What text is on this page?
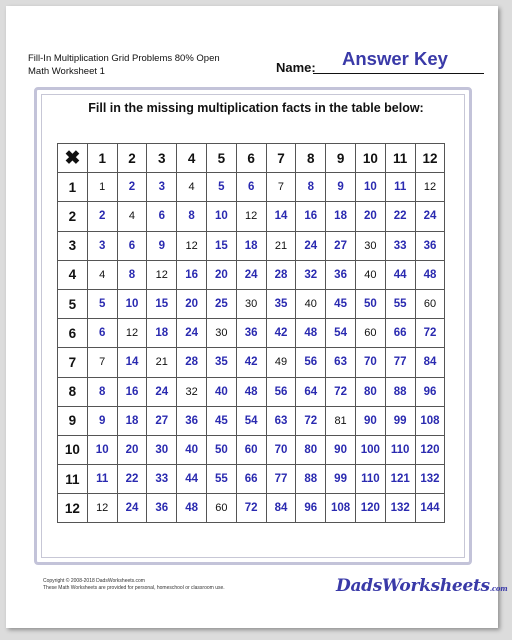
Fill-In Multiplication Grid Problems 80% Open
Math Worksheet 1	Name: Answer Key
Fill in the missing multiplication facts in the table below:
✖	1	2	3	4	5	6	7	8	9	10	11	12
1	1	2	3	4	5	6	7	8	9	10	11	12
2	2	4	6	8	10	12	14	16	18	20	22	24
3	3	6	9	12	15	18	21	24	27	30	33	36
4	4	8	12	16	20	24	28	32	36	40	44	48
5	5	10	15	20	25	30	35	40	45	50	55	60
6	6	12	18	24	30	36	42	48	54	60	66	72
7	7	14	21	28	35	42	49	56	63	70	77	84
8	8	16	24	32	40	48	56	64	72	80	88	96
9	9	18	27	36	45	54	63	72	81	90	99	108
10	10	20	30	40	50	60	70	80	90	100	110	120
11	11	22	33	44	55	66	77	88	99	110	121	132
12	12	24	36	48	60	72	84	96	108	120	132	144
Copyright © 2008-2018 DadsWorksheets.com
These Math Worksheets are provided for personal, homeschool or classroom use.	DadsWorksheets.com
